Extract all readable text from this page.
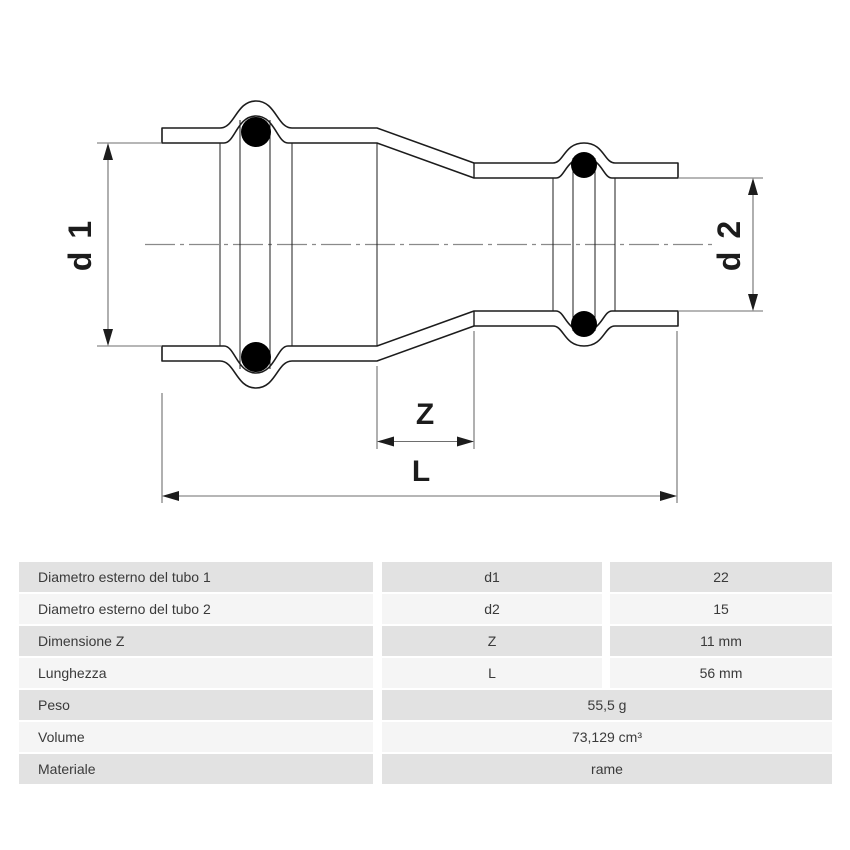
d 1	d 2
Z
L
Diametro esterno del tubo 1	d1	22
Diametro esterno del tubo 2	d2	15
Dimensione Z	Z	11 mm
Lunghezza	L	56 mm
Peso	55,5 g
Volume	73,129 cm³
Materiale	rame
